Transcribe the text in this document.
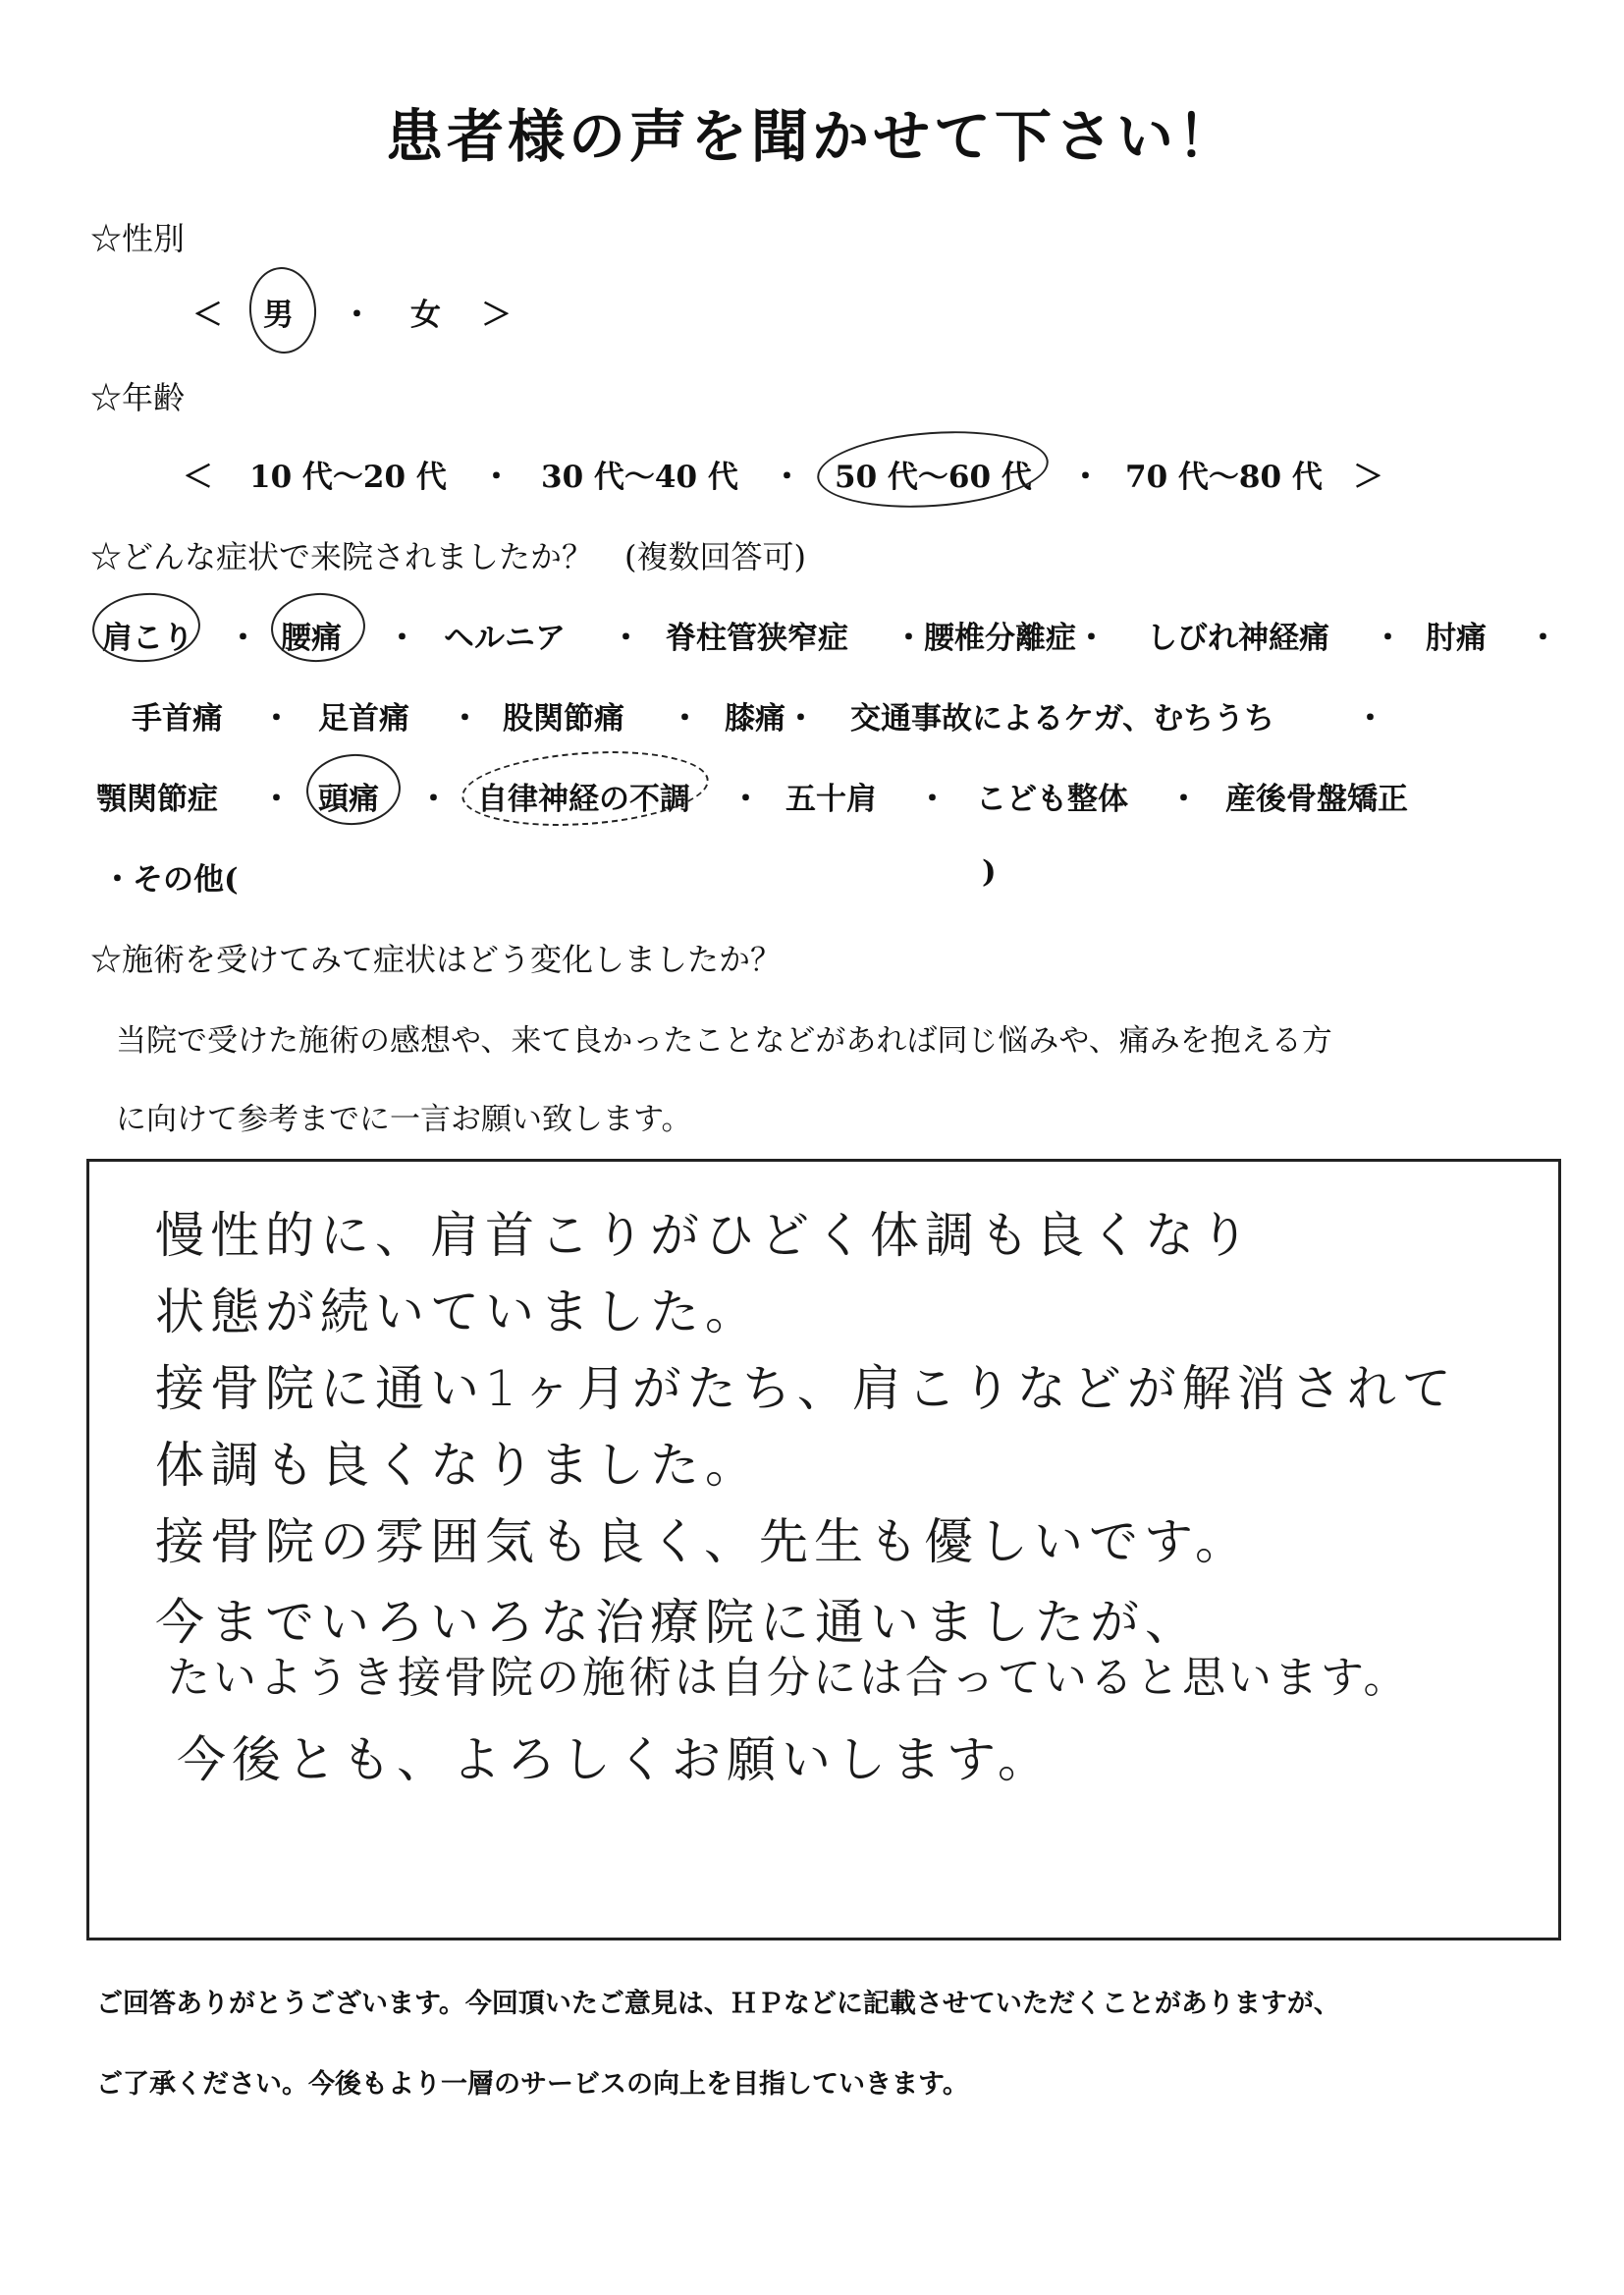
患者様の声を聞かせて下さい！
☆性別
＜ 男 ・ 女 ＞
☆年齢
＜ 10 代～20 代 ・ 30 代～40 代 ・ 50 代～60 代 ・ 70 代～80 代 ＞
☆どんな症状で来院されましたか？　(複数回答可)
肩こり ・ 腰痛 ・ ヘルニア ・ 脊柱管狭窄症 ・腰椎分離症・ しびれ神経痛 ・ 肘痛 ・
手首痛 ・ 足首痛 ・ 股関節痛 ・ 膝痛・ 交通事故によるケガ、むちうち	・
顎関節症 ・ 頭痛 ・ 自律神経の不調 ・ 五十肩 ・ こども整体 ・ 産後骨盤矯正
・その他(	)
☆施術を受けてみて症状はどう変化しましたか？
当院で受けた施術の感想や、来て良かったことなどがあれば同じ悩みや、痛みを抱える方
に向けて参考までに一言お願い致します。
慢性的に、肩首こりがひどく体調も良くなり
状態が続いていました。
接骨院に通い1ヶ月がたち、肩こりなどが解消されて
体調も良くなりました。
接骨院の雰囲気も良く、先生も優しいです。
今までいろいろな治療院に通いましたが、
たいようき接骨院の施術は自分には合っていると思います。
今後とも、よろしくお願いします。
ご回答ありがとうございます。今回頂いたご意見は、ＨＰなどに記載させていただくことがありますが、
ご了承ください。今後もより一層のサービスの向上を目指していきます。
